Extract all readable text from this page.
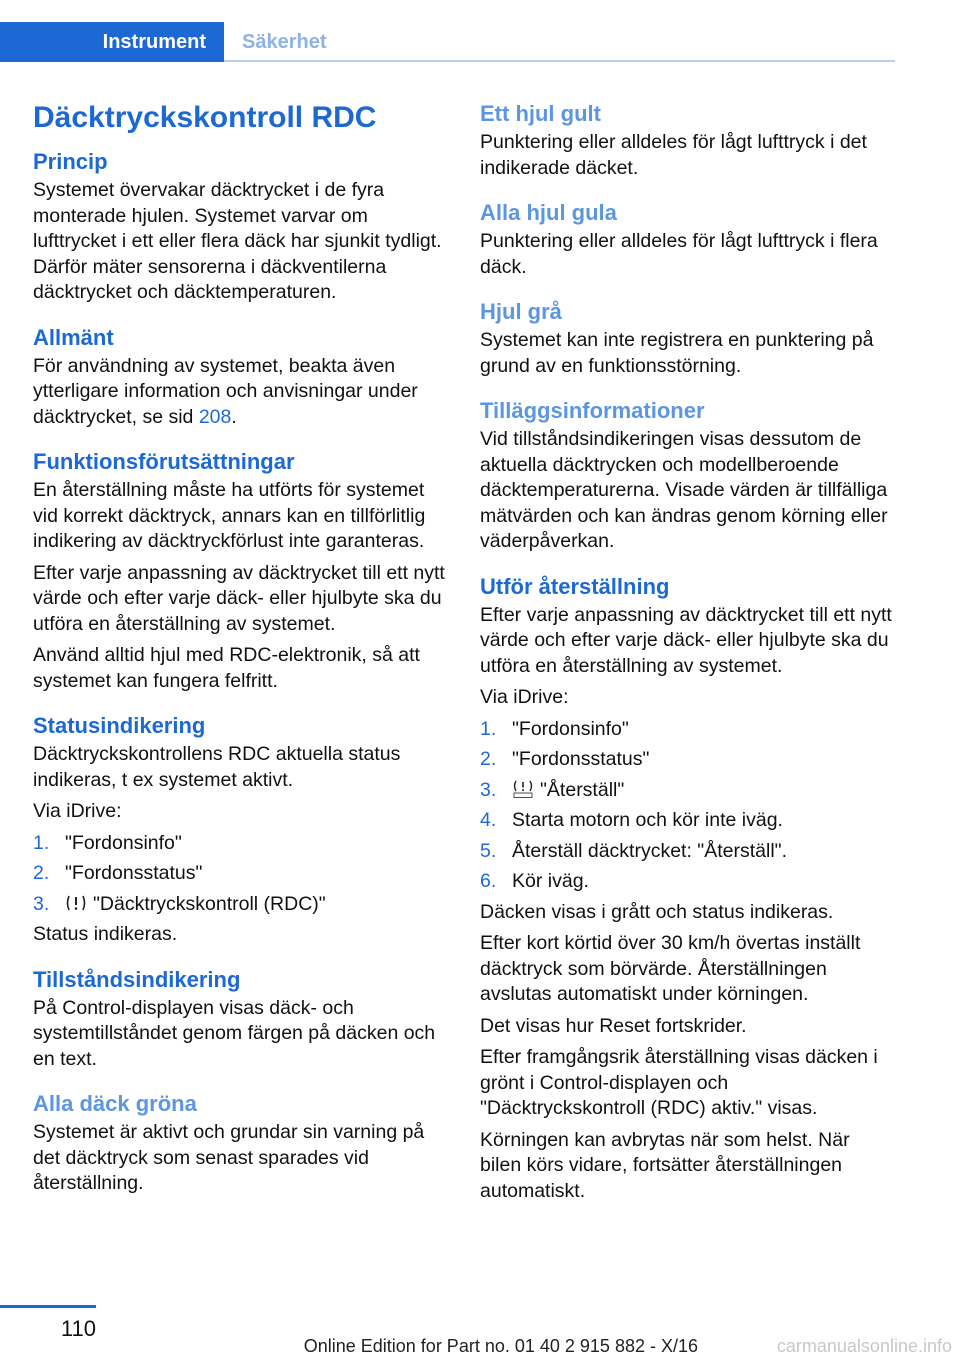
Instrument	Säkerhet
Däcktryckskontroll RDC
Princip

Systemet övervakar däcktrycket i de fyra monterade hjulen. Systemet varvar om lufttrycket i ett eller flera däck har sjunkit tydligt. Därför mäter sensorerna i däckventilerna däcktrycket och däcktemperaturen.

Allmänt

För användning av systemet, beakta även ytterligare information och anvisningar under däcktrycket, se sid 208.

Funktionsförutsättningar

En återställning måste ha utförts för systemet vid korrekt däcktryck, annars kan en tillförlitlig indikering av däcktryckförlust inte garanteras.

Efter varje anpassning av däcktrycket till ett nytt värde och efter varje däck- eller hjulbyte ska du utföra en återställning av systemet.

Använd alltid hjul med RDC-elektronik, så att systemet kan fungera felfritt.

Statusindikering

Däcktryckskontrollens RDC aktuella status indikeras, t ex systemet aktivt.

Via iDrive:

1. "Fordonsinfo"
2. "Fordonsstatus"
3. "Däcktryckskontroll (RDC)"

Status indikeras.

Tillståndsindikering

På Control-displayen visas däck- och systemtillståndet genom färgen på däcken och en text.

Alla däck gröna

Systemet är aktivt och grundar sin varning på det däcktryck som senast sparades vid återställning.

Ett hjul gult

Punktering eller alldeles för lågt lufttryck i det indikerade däcket.

Alla hjul gula

Punktering eller alldeles för lågt lufttryck i flera däck.

Hjul grå

Systemet kan inte registrera en punktering på grund av en funktionsstörning.

Tilläggsinformationer

Vid tillståndsindikeringen visas dessutom de aktuella däcktrycken och modellberoende däcktemperaturerna. Visade värden är tillfälliga mätvärden och kan ändras genom körning eller väderpåverkan.

Utför återställning

Efter varje anpassning av däcktrycket till ett nytt värde och efter varje däck- eller hjulbyte ska du utföra en återställning av systemet.

Via iDrive:

1. "Fordonsinfo"
2. "Fordonsstatus"
3. "Återställ"
4. Starta motorn och kör inte iväg.
5. Återställ däcktrycket: "Återställ".
6. Kör iväg.

Däcken visas i grått och status indikeras.

Efter kort körtid över 30 km/h övertas inställt däcktryck som börvärde. Återställningen avslutas automatiskt under körningen.

Det visas hur Reset fortskrider.

Efter framgångsrik återställning visas däcken i grönt i Control-displayen och "Däcktryckskontroll (RDC) aktiv." visas.

Körningen kan avbrytas när som helst. När bilen körs vidare, fortsätter återställningen automatiskt.

110
Online Edition for Part no. 01 40 2 915 882 - X/16	carmanualsonline.info
